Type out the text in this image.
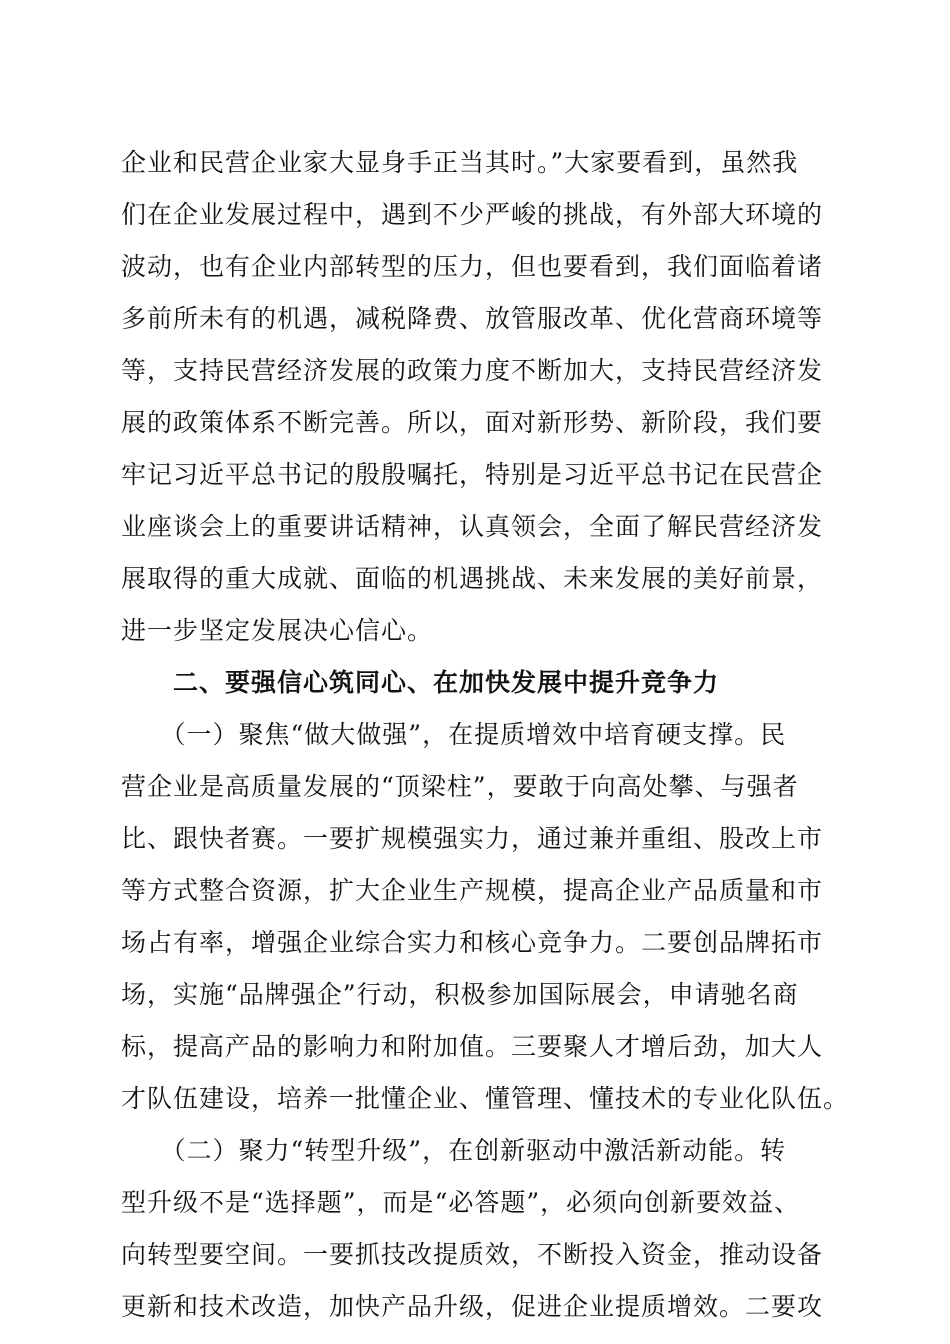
企业和民营企业家大显身手正当其时。”大家要看到，虽然我
们在企业发展过程中，遇到不少严峻的挑战，有外部大环境的
波动，也有企业内部转型的压力，但也要看到，我们面临着诸
多前所未有的机遇，减税降费、放管服改革、优化营商环境等
等，支持民营经济发展的政策力度不断加大，支持民营经济发
展的政策体系不断完善。所以，面对新形势、新阶段，我们要
牢记习近平总书记的殷殷嘱托，特别是习近平总书记在民营企
业座谈会上的重要讲话精神，认真领会，全面了解民营经济发
展取得的重大成就、面临的机遇挑战、未来发展的美好前景，
进一步坚定发展决心信心。
　　二、要强信心筑同心、在加快发展中提升竞争力
　　（一）聚焦“做大做强”，在提质增效中培育硬支撑。民
营企业是高质量发展的“顶梁柱”，要敢于向高处攀、与强者
比、跟快者赛。一要扩规模强实力，通过兼并重组、股改上市
等方式整合资源，扩大企业生产规模，提高企业产品质量和市
场占有率，增强企业综合实力和核心竞争力。二要创品牌拓市
场，实施“品牌强企”行动，积极参加国际展会，申请驰名商
标，提高产品的影响力和附加值。三要聚人才增后劲，加大人
才队伍建设，培养一批懂企业、懂管理、懂技术的专业化队伍。
　　（二）聚力“转型升级”，在创新驱动中激活新动能。转
型升级不是“选择题”，而是“必答题”，必须向创新要效益、
向转型要空间。一要抓技改提质效，不断投入资金，推动设备
更新和技术改造，加快产品升级，促进企业提质增效。二要攻
